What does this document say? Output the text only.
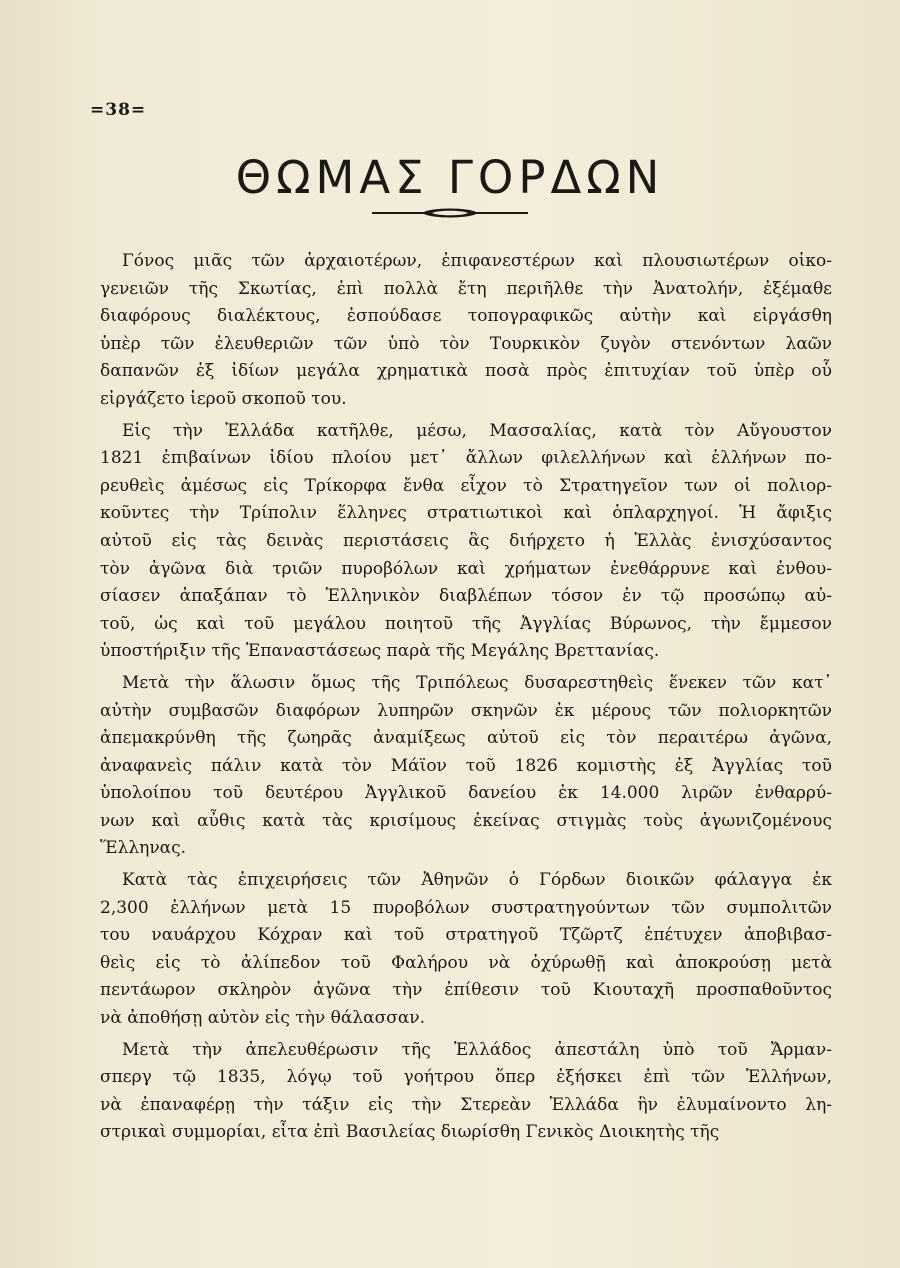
=38=
ΘΩΜΑΣ ΓΟΡΔΩΝ
Γόνος μιᾶς τῶν ἀρχαιοτέρων, ἐπιφανεστέρων καὶ πλουσιωτέρων οἰκο-
γενειῶν τῆς Σκωτίας, ἐπὶ πολλὰ ἔτη περιῆλθε τὴν Ἀνατολήν, ἐξέμαθε
διαφόρους διαλέκτους, ἐσπούδασε τοπογραφικῶς αὐτὴν καὶ εἰργάσθη
ὑπὲρ τῶν ἐλευθεριῶν τῶν ὑπὸ τὸν Τουρκικὸν ζυγὸν στενόντων λαῶν
δαπανῶν ἐξ ἰδίων μεγάλα χρηματικὰ ποσὰ πρὸς ἐπιτυχίαν τοῦ ὑπὲρ οὗ
εἰργάζετο ἱεροῦ σκοποῦ του.
Εἰς τὴν Ἑλλάδα κατῆλθε, μέσω, Μασσαλίας, κατὰ τὸν Αὔγουστον
1821 ἐπιβαίνων ἰδίου πλοίου μετ᾽ ἄλλων φιλελλήνων καὶ ἑλλήνων πο-
ρευθεὶς ἀμέσως εἰς Τρίκορφα ἔνθα εἶχον τὸ Στρατηγεῖον των οἱ πολιορ-
κοῦντες τὴν Τρίπολιν ἕλληνες στρατιωτικοὶ καὶ ὁπλαρχηγοί. Ἡ ἄφιξις
αὐτοῦ εἰς τὰς δεινὰς περιστάσεις ἃς διήρχετο ἡ Ἑλλὰς ἐνισχύσαντος
τὸν ἀγῶνα διὰ τριῶν πυροβόλων καὶ χρήματων ἐνεθάρρυνε καὶ ἐνθου-
σίασεν ἀπαξάπαν τὸ Ἑλληνικὸν διαβλέπων τόσον ἐν τῷ προσώπῳ αὐ-
τοῦ, ὡς καὶ τοῦ μεγάλου ποιητοῦ τῆς Ἀγγλίας Βύρωνος, τὴν ἔμμεσον
ὑποστήριξιν τῆς Ἐπαναστάσεως παρὰ τῆς Μεγάλης Βρεττανίας.
Μετὰ τὴν ἅλωσιν ὅμως τῆς Τριπόλεως δυσαρεστηθεὶς ἕνεκεν τῶν κατ᾽
αὐτὴν συμβασῶν διαφόρων λυπηρῶν σκηνῶν ἐκ μέρους τῶν πολιορκητῶν
ἀπεμακρύνθη τῆς ζωηρᾶς ἀναμίξεως αὐτοῦ εἰς τὸν περαιτέρω ἀγῶνα,
ἀναφανεὶς πάλιν κατὰ τὸν Μάϊον τοῦ 1826 κομιστὴς ἐξ Ἀγγλίας τοῦ
ὑπολοίπου τοῦ δευτέρου Ἀγγλικοῦ δανείου ἐκ 14.000 λιρῶν ἐνθαρρύ-
νων καὶ αὖθις κατὰ τὰς κρισίμους ἐκείνας στιγμὰς τοὺς ἀγωνιζομένους
Ἕλληνας.
Κατὰ τὰς ἐπιχειρήσεις τῶν Ἀθηνῶν ὁ Γόρδων διοικῶν φάλαγγα ἐκ
2,300 ἑλλήνων μετὰ 15 πυροβόλων συστρατηγούντων τῶν συμπολιτῶν
του ναυάρχου Κόχραν καὶ τοῦ στρατηγοῦ Τζῶρτζ ἐπέτυχεν ἀποβιβασ-
θεὶς εἰς τὸ ἀλίπεδον τοῦ Φαλήρου νὰ ὀχύρωθῇ καὶ ἀποκρούσῃ μετὰ
πεντάωρον σκληρὸν ἀγῶνα τὴν ἐπίθεσιν τοῦ Κιουταχῆ προσπαθοῦντος
νὰ ἀποθήσῃ αὐτὸν εἰς τὴν θάλασσαν.
Μετὰ τὴν ἀπελευθέρωσιν τῆς Ἑλλάδος ἀπεστάλη ὑπὸ τοῦ Ἄρμαν-
σπεργ τῷ 1835, λόγῳ τοῦ γοήτρου ὅπερ ἐξήσκει ἐπὶ τῶν Ἑλλήνων,
νὰ ἐπαναφέρῃ τὴν τάξιν εἰς τὴν Στερεὰν Ἑλλάδα ἣν ἐλυμαίνοντο λη-
στρικαὶ συμμορίαι, εἶτα ἐπὶ Βασιλείας διωρίσθη Γενικὸς Διοικητὴς τῆς
